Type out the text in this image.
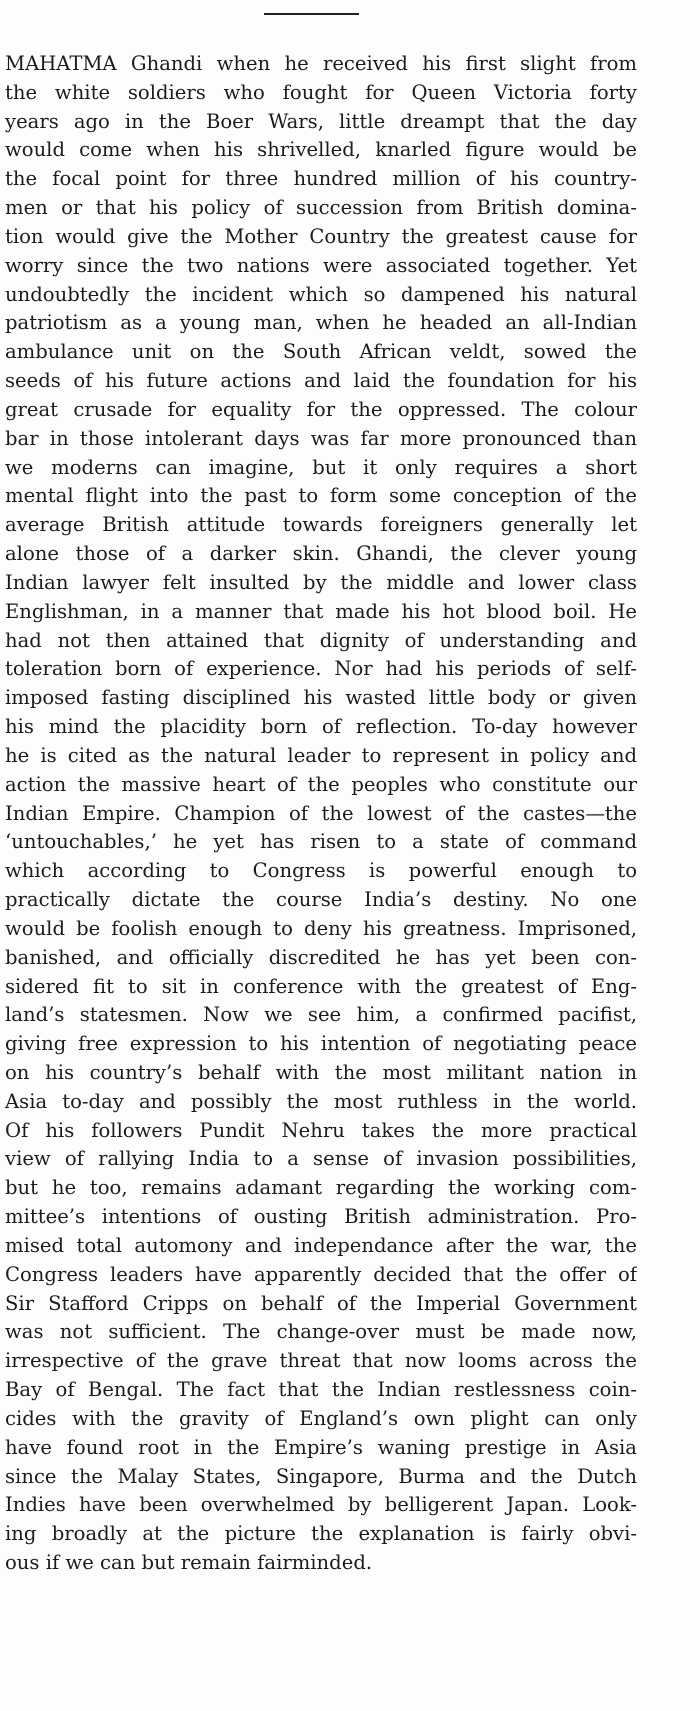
MAHATMA Ghandi when he received his first slight from
the white soldiers who fought for Queen Victoria forty
years ago in the Boer Wars, little dreampt that the day
would come when his shrivelled, knarled figure would be
the focal point for three hundred million of his country-
men or that his policy of succession from British domina-
tion would give the Mother Country the greatest cause for
worry since the two nations were associated together. Yet
undoubtedly the incident which so dampened his natural
patriotism as a young man, when he headed an all-Indian
ambulance unit on the South African veldt, sowed the
seeds of his future actions and laid the foundation for his
great crusade for equality for the oppressed. The colour
bar in those intolerant days was far more pronounced than
we moderns can imagine, but it only requires a short
mental flight into the past to form some conception of the
average British attitude towards foreigners generally let
alone those of a darker skin. Ghandi, the clever young
Indian lawyer felt insulted by the middle and lower class
Englishman, in a manner that made his hot blood boil. He
had not then attained that dignity of understanding and
toleration born of experience. Nor had his periods of self-
imposed fasting disciplined his wasted little body or given
his mind the placidity born of reflection. To-day however
he is cited as the natural leader to represent in policy and
action the massive heart of the peoples who constitute our
Indian Empire. Champion of the lowest of the castes—the
‘untouchables,’ he yet has risen to a state of command
which according to Congress is powerful enough to
practically dictate the course India’s destiny. No one
would be foolish enough to deny his greatness. Imprisoned,
banished, and officially discredited he has yet been con-
sidered fit to sit in conference with the greatest of Eng-
land’s statesmen. Now we see him, a confirmed pacifist,
giving free expression to his intention of negotiating peace
on his country’s behalf with the most militant nation in
Asia to-day and possibly the most ruthless in the world.
Of his followers Pundit Nehru takes the more practical
view of rallying India to a sense of invasion possibilities,
but he too, remains adamant regarding the working com-
mittee’s intentions of ousting British administration. Pro-
mised total automony and independance after the war, the
Congress leaders have apparently decided that the offer of
Sir Stafford Cripps on behalf of the Imperial Government
was not sufficient. The change-over must be made now,
irrespective of the grave threat that now looms across the
Bay of Bengal. The fact that the Indian restlessness coin-
cides with the gravity of England’s own plight can only
have found root in the Empire’s waning prestige in Asia
since the Malay States, Singapore, Burma and the Dutch
Indies have been overwhelmed by belligerent Japan. Look-
ing broadly at the picture the explanation is fairly obvi-
ous if we can but remain fairminded.
